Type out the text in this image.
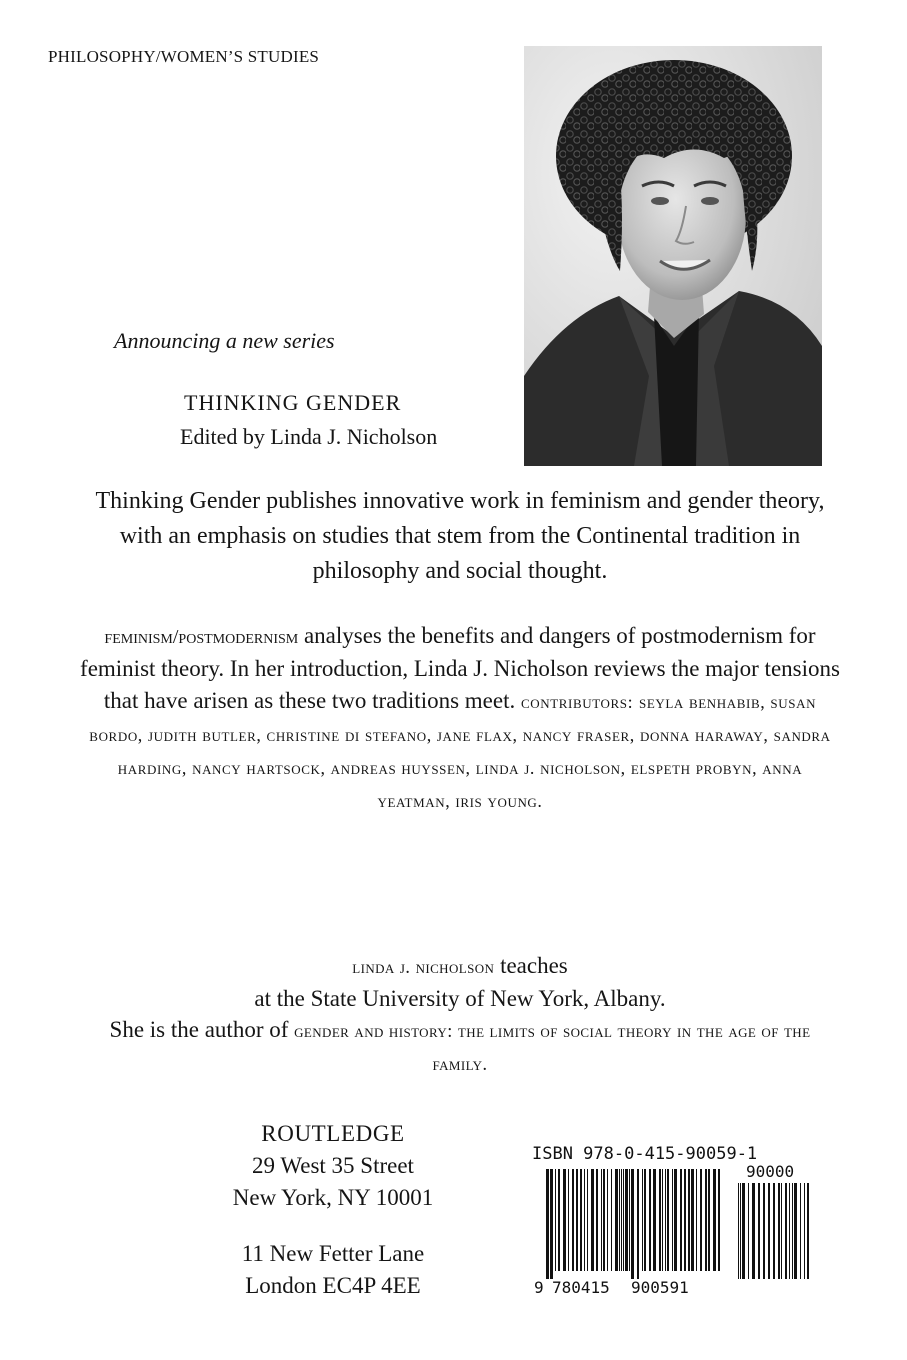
PHILOSOPHY/WOMEN’S STUDIES
Announcing a new series
THINKING GENDER
Edited by Linda J. Nicholson
Thinking Gender publishes innovative work in feminism and gender theory, with an emphasis on studies that stem from the Continental tradition in philosophy and social thought.
feminism/postmodernism analyses the benefits and dangers of postmodernism for feminist theory. In her introduction, Linda J. Nicholson reviews the major tensions that have arisen as these two traditions meet. contributors: seyla benhabib, susan bordo, judith butler, christine di stefano, jane flax, nancy fraser, donna haraway, sandra harding, nancy hartsock, andreas huyssen, linda j. nicholson, elspeth probyn, anna yeatman, iris young.
linda j. nicholson teaches
at the State University of New York, Albany.
She is the author of gender and history: the limits of social theory in the age of the family.
ROUTLEDGE
29 West 35 Street
New York, NY 10001
11 New Fetter Lane
London EC4P 4EE
ISBN 978-0-415-90059-1
90000
9 780415 900591
